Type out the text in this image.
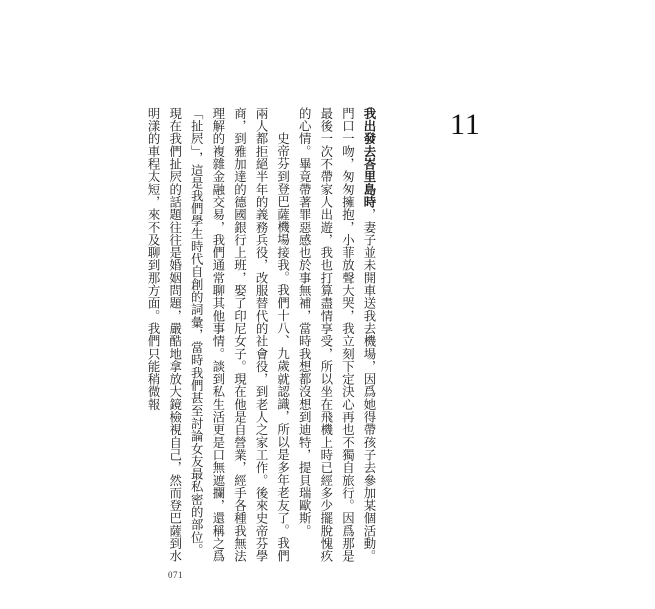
11

我出發去峇里島時，妻子並未開車送我去機場，因爲她得帶孩子去參加某個活動。門口一吻，匆匆擁抱，小菲放聲大哭，我立刻下定決心再也不獨自旅行。因爲那是最後一次不帶家人出遊，我也打算盡情享受，所以坐在飛機上時已經多少擺脫愧疚的心情。畢竟帶著罪惡感也於事無補，當時我想都沒想到迪特，提貝瑞歐斯。

史帝芬到登巴薩機場接我。我們十八、九歲就認識，所以是多年老友了。我們兩人都拒絕半年的義務兵役，改服替代的社會役，到老人之家工作。後來史帝芬學商，到雅加達的德國銀行上班，娶了印尼女子。現在他是自營業，經手各種我無法理解的複雜金融交易，我們通常聊其他事情。談到私生活更是口無遮攔，還稱之爲「扯屄」，這是我們學生時代自創的詞彙，當時我們甚至討論女友最私密的部位。現在我們扯屄的話題往往是婚姻問題，嚴酷地拿放大鏡檢視自己，然而登巴薩到水明漾的車程太短，來不及聊到那方面。我們只能稍微報

071
